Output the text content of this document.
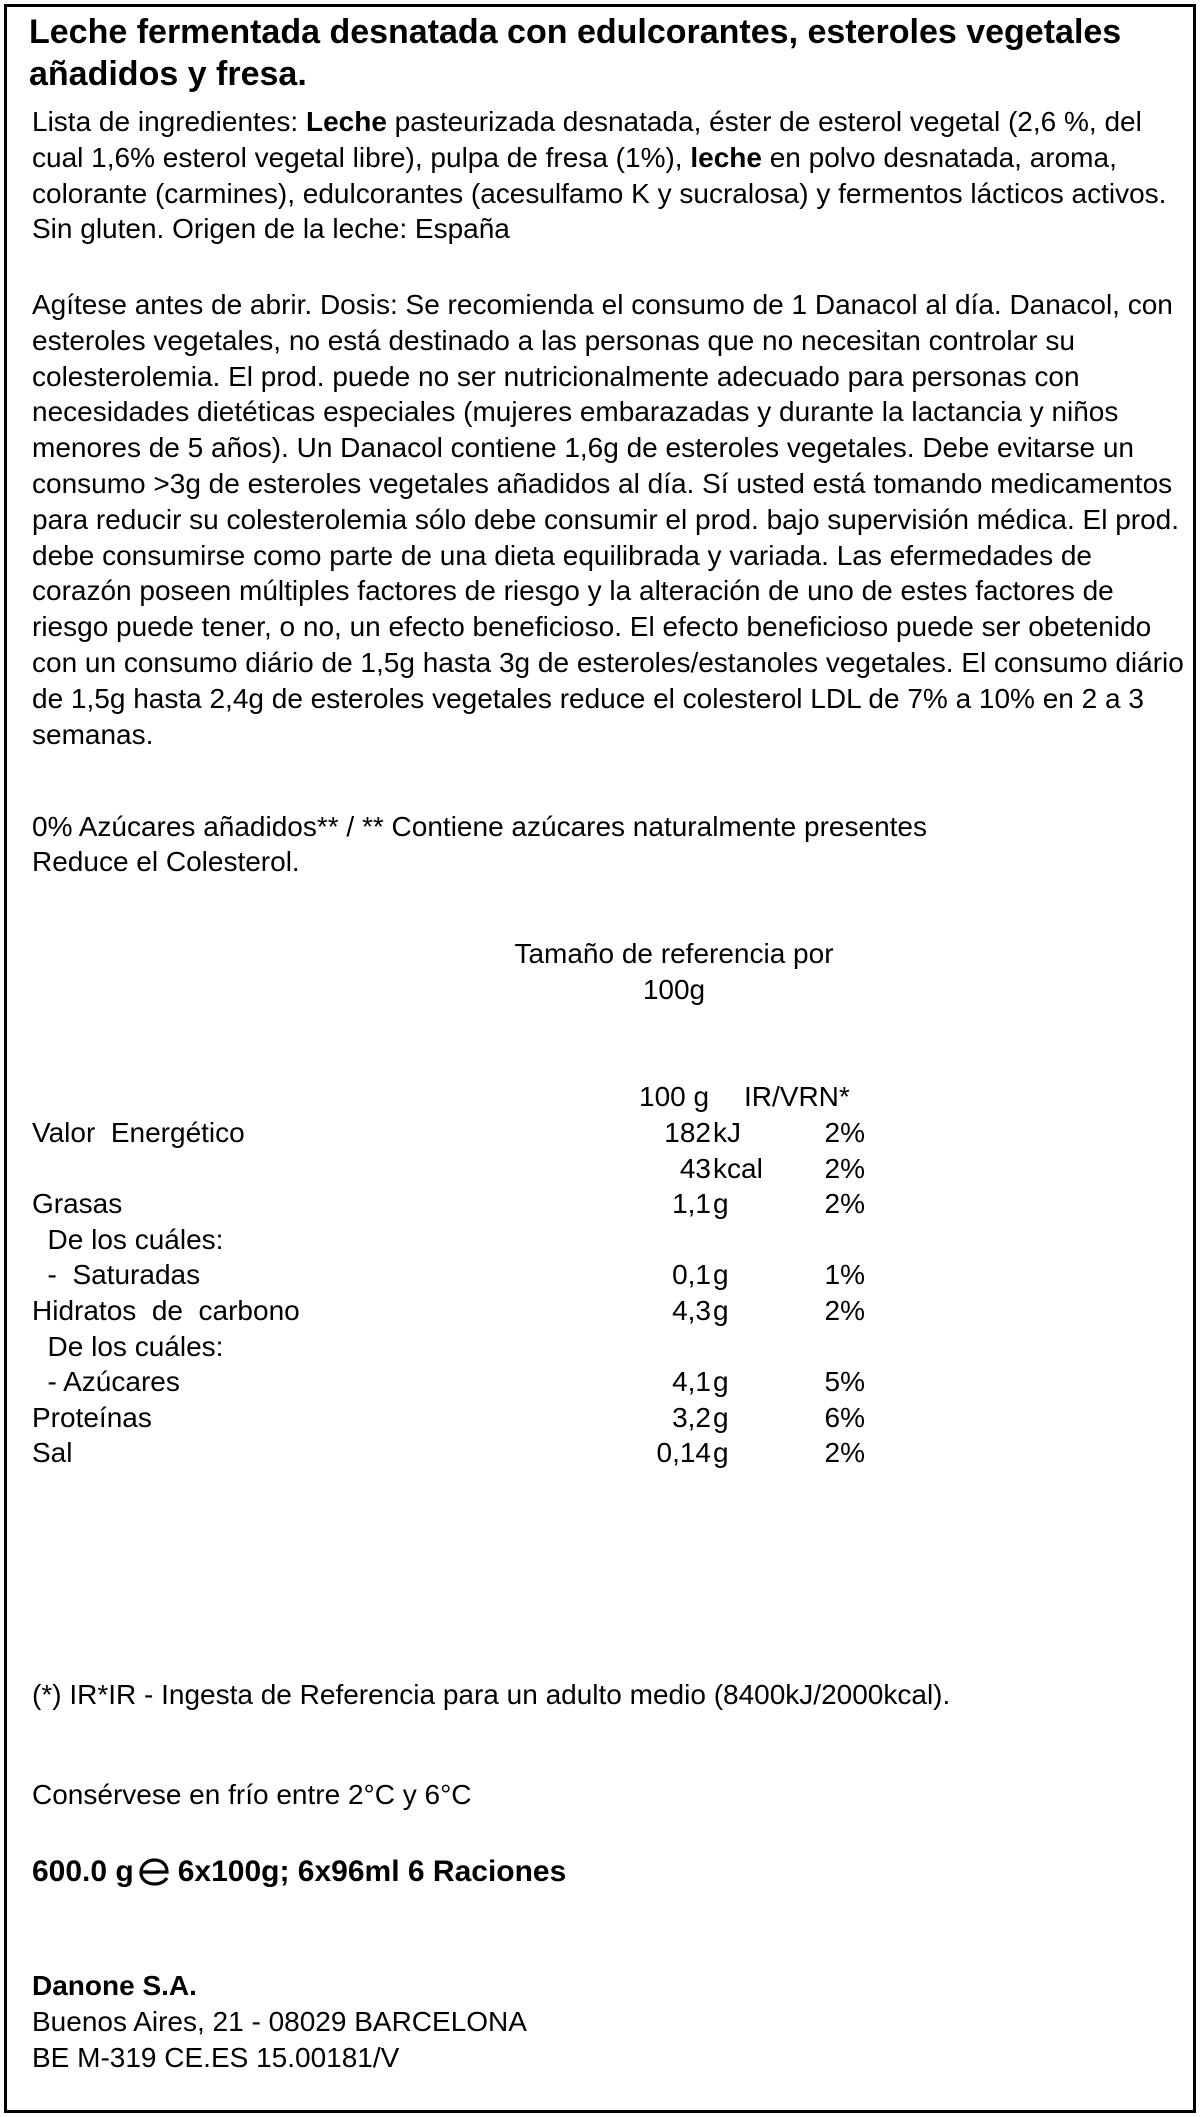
Leche fermentada desnatada con edulcorantes, esteroles vegetales añadidos y fresa.
Lista de ingredientes: Leche pasteurizada desnatada, éster de esterol vegetal (2,6 %, del cual 1,6% esterol vegetal libre), pulpa de fresa (1%), leche en polvo desnatada, aroma, colorante (carmines), edulcorantes (acesulfamo K y sucralosa) y fermentos lácticos activos. Sin gluten. Origen de la leche: España
Agítese antes de abrir. Dosis: Se recomienda el consumo de 1 Danacol al día. Danacol, con esteroles vegetales, no está destinado a las personas que no necesitan controlar su colesterolemia. El prod. puede no ser nutricionalmente adecuado para personas con necesidades dietéticas especiales (mujeres embarazadas y durante la lactancia y niños menores de 5 años). Un Danacol contiene 1,6g de esteroles vegetales. Debe evitarse un consumo >3g de esteroles vegetales añadidos al día. Sí usted está tomando medicamentos para reducir su colesterolemia sólo debe consumir el prod. bajo supervisión médica. El prod. debe consumirse como parte de una dieta equilibrada y variada. Las efermedades de corazón poseen múltiples factores de riesgo y la alteración de uno de estes factores de riesgo puede tener, o no, un efecto beneficioso. El efecto beneficioso puede ser obetenido con un consumo diário de 1,5g hasta 3g de esteroles/estanoles vegetales. El consumo diário de 1,5g hasta 2,4g de esteroles vegetales reduce el colesterol LDL de 7% a 10% en 2 a 3 semanas.
0% Azúcares añadidos** / ** Contiene azúcares naturalmente presentes
Reduce el Colesterol.
Tamaño de referencia por
100g
100 g IR/VRN*
Valor  Energético	182 kJ	2%
43 kcal 2%
Grasas	1,1 g	2%
De los cuáles:
-  Saturadas	0,1 g	1%
Hidratos  de  carbono	4,3 g	2%
De los cuáles:
- Azúcares	4,1 g	5%
Proteínas	3,2 g	6%
Sal	0,14 g	2%
(*) IR*IR - Ingesta de Referencia para un adulto medio (8400kJ/2000kcal).
Consérvese en frío entre 2°C y 6°C
600.0 g 6x100g; 6x96ml 6 Raciones
Danone S.A.
Buenos Aires, 21 - 08029 BARCELONA
BE M-319 CE.ES 15.00181/V
